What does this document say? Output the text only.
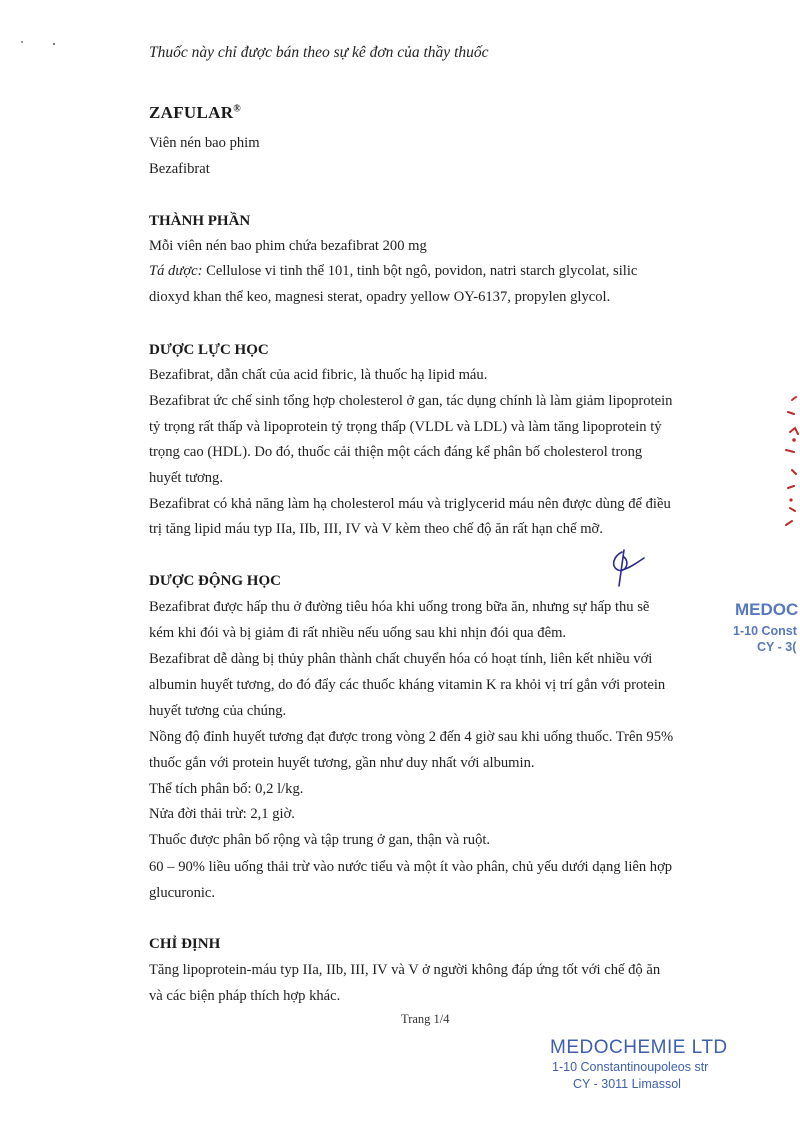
Thuốc này chỉ được bán theo sự kê đơn của thầy thuốc
ZAFULAR®
Viên nén bao phim
Bezafibrat
THÀNH PHẦN
Mỗi viên nén bao phim chứa bezafibrat 200 mg
Tá dược: Cellulose vi tinh thể 101, tinh bột ngô, povidon, natri starch glycolat, silic
dioxyd khan thể keo, magnesi sterat, opadry yellow OY-6137, propylen glycol.
DƯỢC LỰC HỌC
Bezafibrat, dẫn chất của acid fibric, là thuốc hạ lipid máu.
Bezafibrat ức chế sinh tổng hợp cholesterol ở gan, tác dụng chính là làm giảm lipoprotein
tỷ trọng rất thấp và lipoprotein tỷ trọng thấp (VLDL và LDL) và làm tăng lipoprotein tỷ
trọng cao (HDL). Do đó, thuốc cải thiện một cách đáng kể phân bố cholesterol trong
huyết tương.
Bezafibrat có khả năng làm hạ cholesterol máu và triglycerid máu nên được dùng để điều
trị tăng lipid máu typ IIa, IIb, III, IV và V kèm theo chế độ ăn rất hạn chế mỡ.
DƯỢC ĐỘNG HỌC
Bezafibrat được hấp thu ở đường tiêu hóa khi uống trong bữa ăn, nhưng sự hấp thu sẽ
kém khi đói và bị giảm đi rất nhiều nếu uống sau khi nhịn đói qua đêm.
Bezafibrat dễ dàng bị thủy phân thành chất chuyển hóa có hoạt tính, liên kết nhiều với
albumin huyết tương, do đó đẩy các thuốc kháng vitamin K ra khỏi vị trí gắn với protein
huyết tương của chúng.
Nồng độ đỉnh huyết tương đạt được trong vòng 2 đến 4 giờ sau khi uống thuốc. Trên 95%
thuốc gắn với protein huyết tương, gần như duy nhất với albumin.
Thể tích phân bố: 0,2 l/kg.
Nửa đời thải trừ: 2,1 giờ.
Thuốc được phân bố rộng và tập trung ở gan, thận và ruột.
60 – 90% liều uống thải trừ vào nước tiểu và một ít vào phân, chủ yếu dưới dạng liên hợp
glucuronic.
CHỈ ĐỊNH
Tăng lipoprotein-máu typ IIa, IIb, III, IV và V ở người không đáp ứng tốt với chế độ ăn
và các biện pháp thích hợp khác.
Trang 1/4
MEDOC
1-10 Const
CY - 3(
MEDOCHEMIE LTD
1-10 Constantinoupoleos str
CY - 3011 Limassol
